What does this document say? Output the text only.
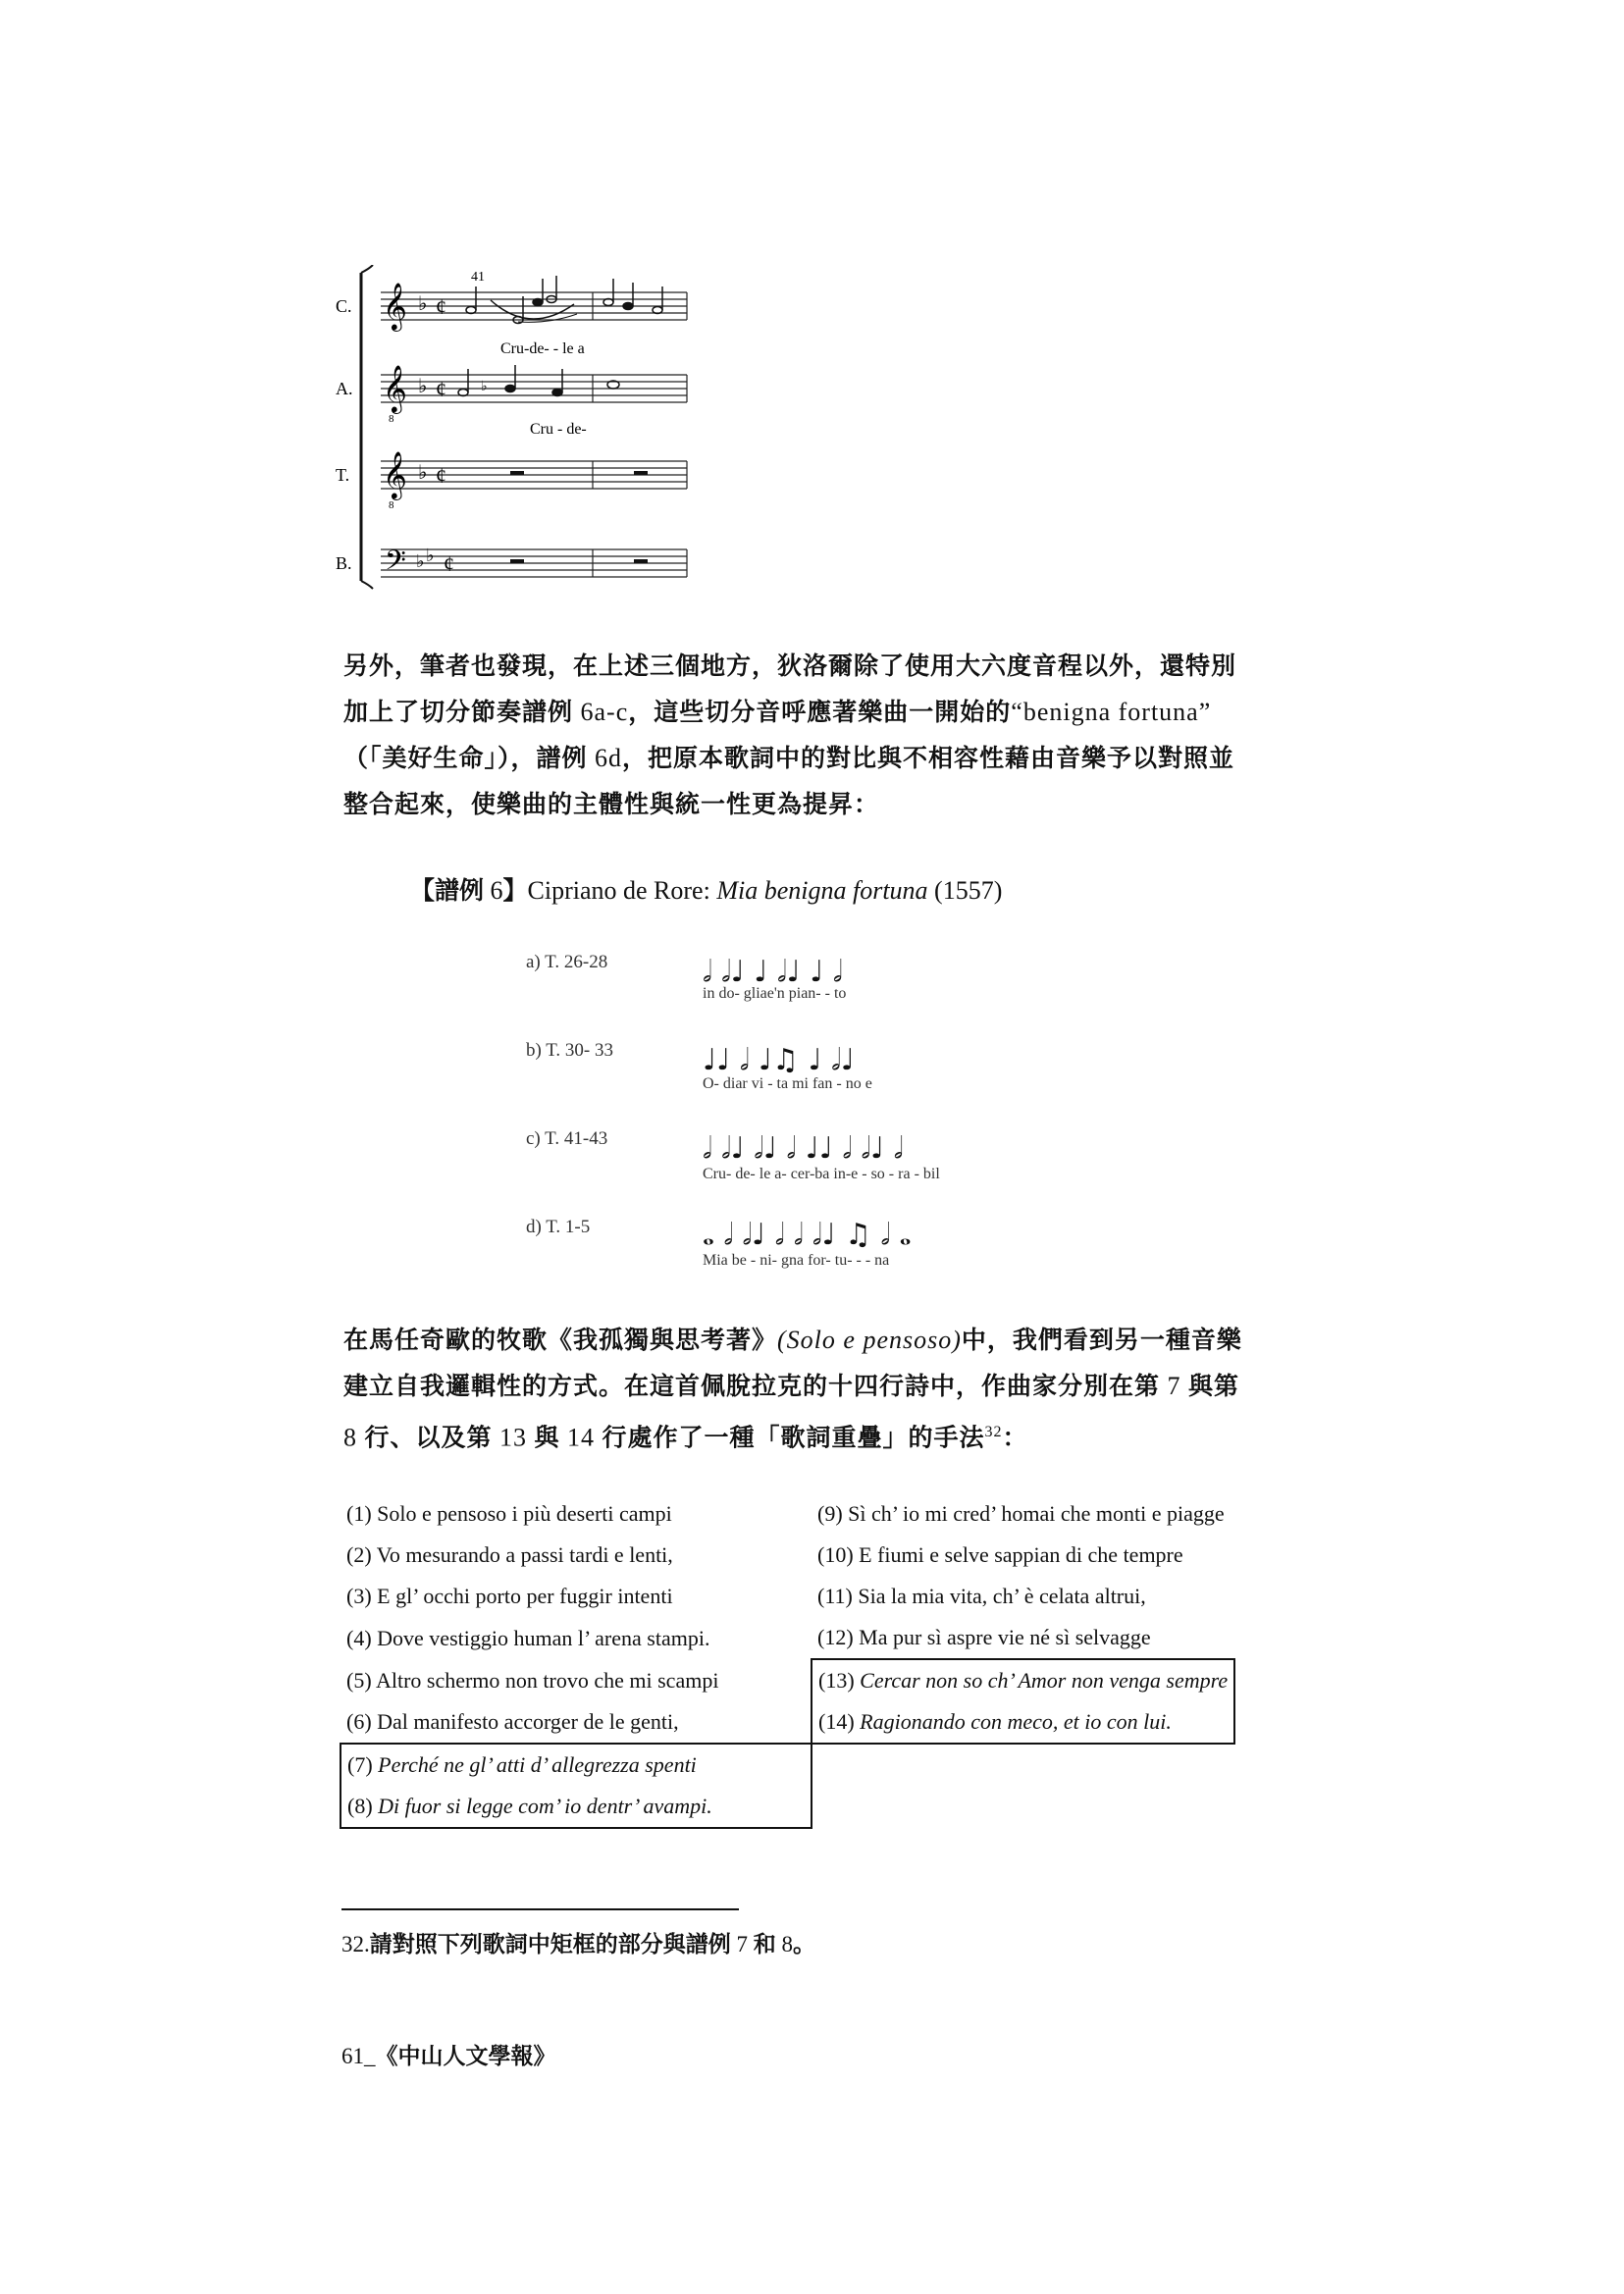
41
C.
A.
T.
B.
𝄞
𝄞
𝄞
𝄢
8
8
♭
♭
♭
♭ ♭
¢
¢
¢
¢
Cru-de- - le a
♭
Cru - de-
另外，筆者也發現，在上述三個地方，狄洛爾除了使用大六度音程以外，還特別
加上了切分節奏譜例 6a-c，這些切分音呼應著樂曲一開始的“benigna fortuna”
（「美好生命」），譜例 6d，把原本歌詞中的對比與不相容性藉由音樂予以對照並
整合起來，使樂曲的主體性與統一性更為提昇：
【譜例 6】Cipriano de Rore: Mia benigna fortuna (1557)
a) T. 26-28
in do- gliae'n pian- - to
b) T. 30- 33
O- diar vi - ta mi fan - no e
c) T. 41-43
Cru- de- le a- cer-ba in-e - so - ra - bil
d) T. 1-5
Mia be - ni- gna for- tu- - - na
𝅗𝅥 𝅗𝅥♩ ♩ 𝅗𝅥♩ ♩ 𝅗𝅥
♩♩ 𝅗𝅥 ♩♫ ♩ 𝅗𝅥♩
𝅗𝅥 𝅗𝅥♩ 𝅗𝅥♩ 𝅗𝅥 ♩♩ 𝅗𝅥 𝅗𝅥♩ 𝅗𝅥
𝅝 𝅗𝅥 𝅗𝅥♩ 𝅗𝅥 𝅗𝅥 𝅗𝅥♩ ♫ 𝅗𝅥 𝅝
在馬任奇歐的牧歌《我孤獨與思考著》(Solo e pensoso)中，我們看到另一種音樂
建立自我邏輯性的方式。在這首佩脫拉克的十四行詩中，作曲家分別在第 7 與第
8 行、以及第 13 與 14 行處作了一種「歌詞重疊」的手法$^{32}$：
(1) Solo e pensoso i più deserti campi	(9) Sì ch’ io mi cred’ homai che monti e piagge
(2) Vo mesurando a passi tardi e lenti,	(10) E fiumi e selve sappian di che tempre
(3) E gl’ occhi porto per fuggir intenti	(11) Sia la mia vita, ch’ è celata altrui,
(4) Dove vestiggio human l’ arena stampi.	(12) Ma pur sì aspre vie né sì selvagge
(5) Altro schermo non trovo che mi scampi	(13) Cercar non so ch’ Amor non venga sempre
(6) Dal manifesto accorger de le genti,	(14) Ragionando con meco, et io con lui.
(7) Perché ne gl’ atti d’ allegrezza spenti	
(8) Di fuor si legge com’ io dentr’ avampi.	
32.請對照下列歌詞中矩框的部分與譜例 7 和 8。
61_《中山人文學報》
